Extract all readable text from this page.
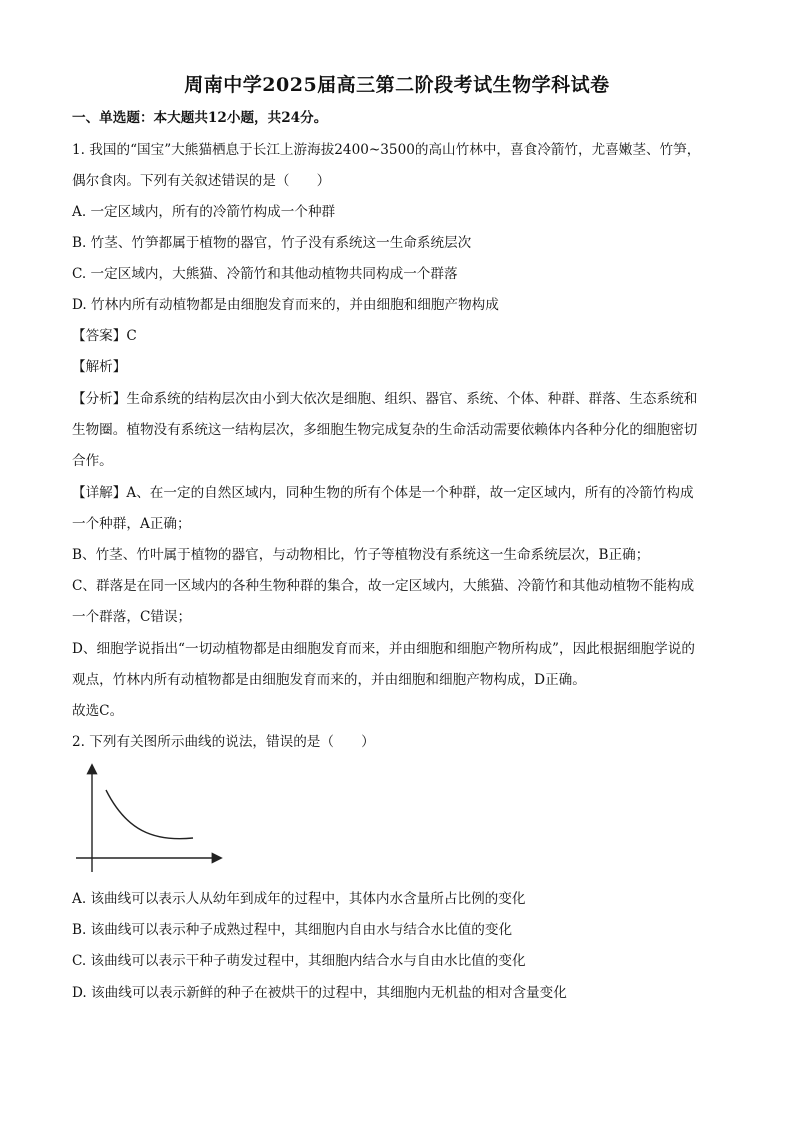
周南中学2025届高三第二阶段考试生物学科试卷
一、单选题：本大题共12小题，共24分。
1. 我国的“国宝”大熊猫栖息于长江上游海拔2400~3500的高山竹林中，喜食冷箭竹，尤喜嫩茎、竹笋，
偶尔食肉。下列有关叙述错误的是（　　）
A. 一定区域内，所有的冷箭竹构成一个种群
B. 竹茎、竹笋都属于植物的器官，竹子没有系统这一生命系统层次
C. 一定区域内，大熊猫、冷箭竹和其他动植物共同构成一个群落
D. 竹林内所有动植物都是由细胞发育而来的，并由细胞和细胞产物构成
【答案】C
【解析】
【分析】生命系统的结构层次由小到大依次是细胞、组织、器官、系统、个体、种群、群落、生态系统和
生物圈。植物没有系统这一结构层次，多细胞生物完成复杂的生命活动需要依赖体内各种分化的细胞密切
合作。
【详解】A、在一定的自然区域内，同种生物的所有个体是一个种群，故一定区域内，所有的冷箭竹构成
一个种群，A正确；
B、竹茎、竹叶属于植物的器官，与动物相比，竹子等植物没有系统这一生命系统层次，B正确；
C、群落是在同一区域内的各种生物种群的集合，故一定区域内，大熊猫、冷箭竹和其他动植物不能构成
一个群落，C错误；
D、细胞学说指出“一切动植物都是由细胞发育而来，并由细胞和细胞产物所构成”，因此根据细胞学说的
观点，竹林内所有动植物都是由细胞发育而来的，并由细胞和细胞产物构成，D正确。
故选C。
2. 下列有关图所示曲线的说法，错误的是（　　）
A. 该曲线可以表示人从幼年到成年的过程中，其体内水含量所占比例的变化
B. 该曲线可以表示种子成熟过程中，其细胞内自由水与结合水比值的变化
C. 该曲线可以表示干种子萌发过程中，其细胞内结合水与自由水比值的变化
D. 该曲线可以表示新鲜的种子在被烘干的过程中，其细胞内无机盐的相对含量变化
